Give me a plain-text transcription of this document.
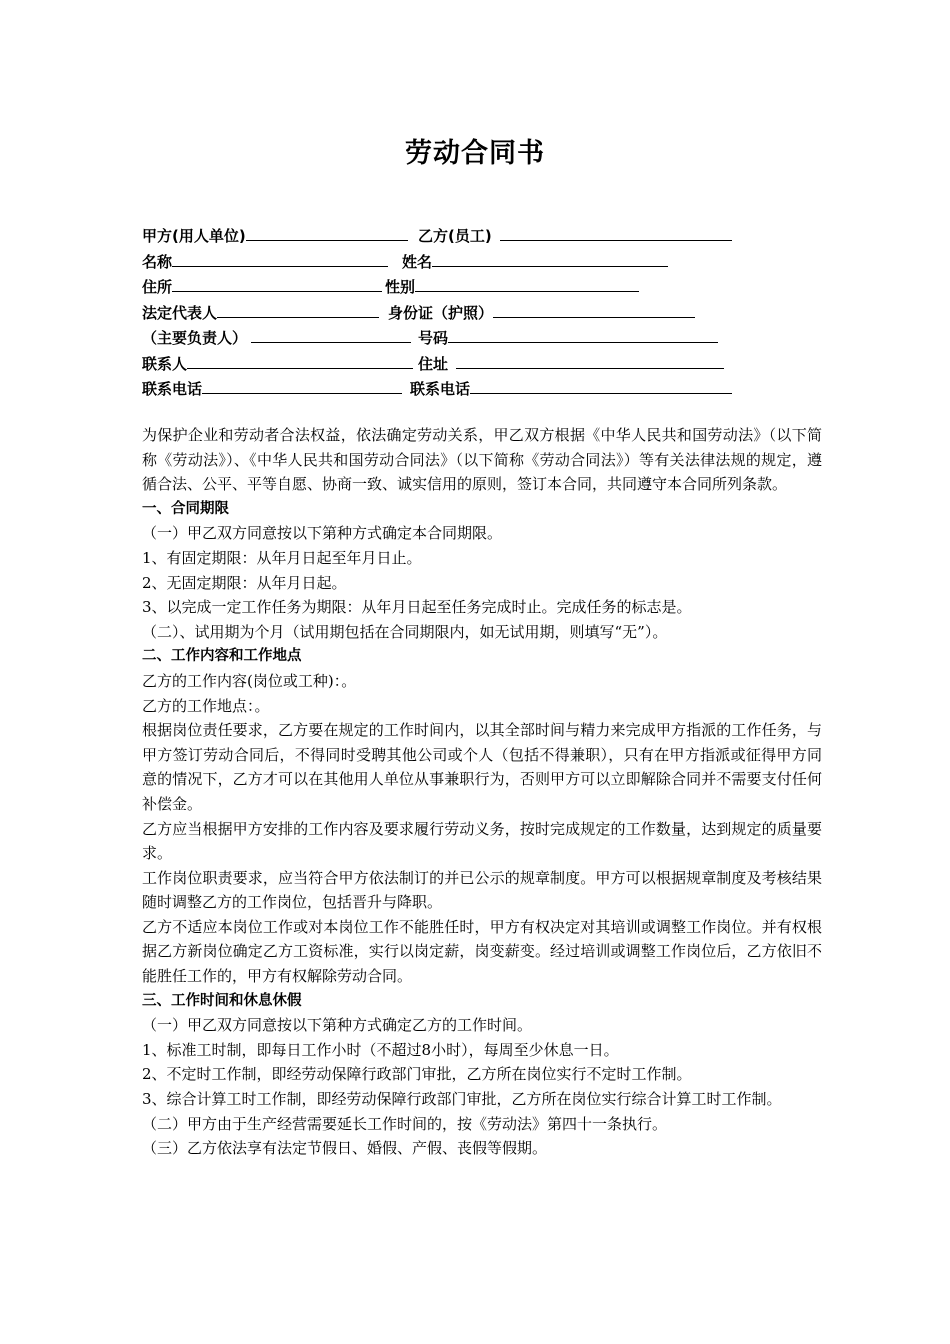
劳动合同书
甲方(用人单位)	乙方(员工)
名称	姓名
住所	性别
法定代表人	身份证（护照）
（主要负责人）	号码
联系人	住址
联系电话	联系电话

为保护企业和劳动者合法权益，依法确定劳动关系，甲乙双方根据《中华人民共和国劳动法》（以下简称《劳动法》）、《中华人民共和国劳动合同法》（以下简称《劳动合同法》）等有关法律法规的规定，遵循合法、公平、平等自愿、协商一致、诚实信用的原则，签订本合同，共同遵守本合同所列条款。

一、合同期限

（一）甲乙双方同意按以下第种方式确定本合同期限。

1、有固定期限：从年月日起至年月日止。

2、无固定期限：从年月日起。

3、以完成一定工作任务为期限：从年月日起至任务完成时止。完成任务的标志是。

（二）、试用期为个月（试用期包括在合同期限内，如无试用期，则填写“无”）。

二、工作内容和工作地点

乙方的工作内容(岗位或工种)：。

乙方的工作地点：。

根据岗位责任要求，乙方要在规定的工作时间内，以其全部时间与精力来完成甲方指派的工作任务，与甲方签订劳动合同后，不得同时受聘其他公司或个人（包括不得兼职），只有在甲方指派或征得甲方同意的情况下，乙方才可以在其他用人单位从事兼职行为，否则甲方可以立即解除合同并不需要支付任何补偿金。

乙方应当根据甲方安排的工作内容及要求履行劳动义务，按时完成规定的工作数量，达到规定的质量要求。

工作岗位职责要求，应当符合甲方依法制订的并已公示的规章制度。甲方可以根据规章制度及考核结果随时调整乙方的工作岗位，包括晋升与降职。

乙方不适应本岗位工作或对本岗位工作不能胜任时，甲方有权决定对其培训或调整工作岗位。并有权根据乙方新岗位确定乙方工资标准，实行以岗定薪，岗变薪变。经过培训或调整工作岗位后，乙方依旧不能胜任工作的，甲方有权解除劳动合同。

三、工作时间和休息休假

（一）甲乙双方同意按以下第种方式确定乙方的工作时间。

1、标准工时制，即每日工作小时（不超过8小时），每周至少休息一日。

2、不定时工作制，即经劳动保障行政部门审批，乙方所在岗位实行不定时工作制。

3、综合计算工时工作制，即经劳动保障行政部门审批，乙方所在岗位实行综合计算工时工作制。

（二）甲方由于生产经营需要延长工作时间的，按《劳动法》第四十一条执行。

（三）乙方依法享有法定节假日、婚假、产假、丧假等假期。
